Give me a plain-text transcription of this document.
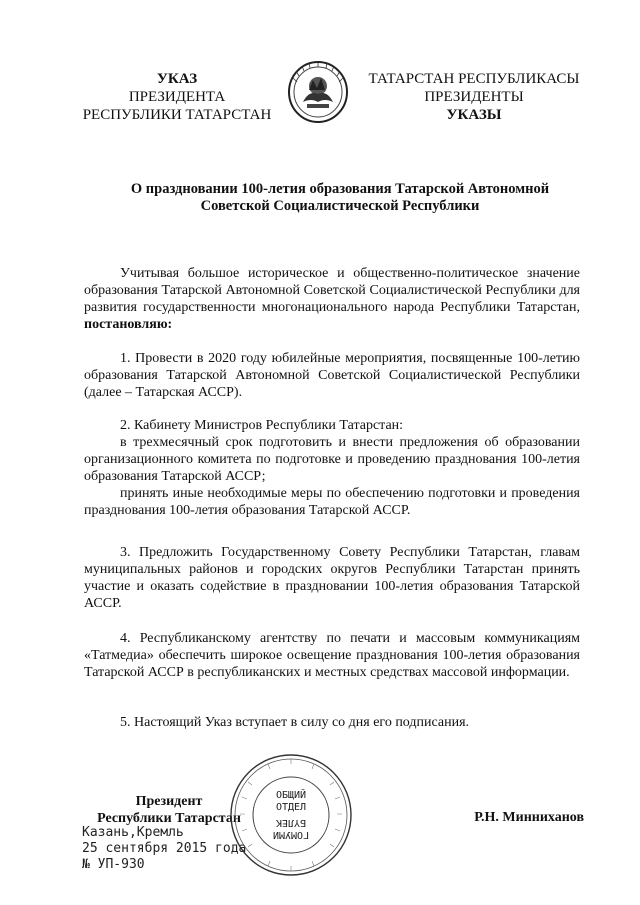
УКАЗ
ПРЕЗИДЕНТА
РЕСПУБЛИКИ ТАТАРСТАН
ТАТАРСТАН РЕСПУБЛИКАСЫ
ПРЕЗИДЕНТЫ
УКАЗЫ
О праздновании 100-летия образования Татарской Автономной
Советской Социалистической Республики

Учитывая большое историческое и общественно-политическое значение образования Татарской Автономной Советской Социалистической Республики для развития государственности многонационального народа Республики Татарстан, постановляю:

1. Провести в 2020 году юбилейные мероприятия, посвященные 100-летию образования Татарской Автономной Советской Социалистической Республики (далее – Татарская АССР).

2. Кабинету Министров Республики Татарстан:

в трехмесячный срок подготовить и внести предложения об образовании организационного комитета по подготовке и проведению празднования 100-летия образования Татарской АССР;

принять иные необходимые меры по обеспечению подготовки и проведения празднования 100-летия образования Татарской АССР.

3. Предложить Государственному Совету Республики Татарстан, главам муниципальных районов и городских округов Республики Татарстан принять участие и оказать содействие в праздновании 100-летия образования Татарской АССР.

4. Республиканскому агентству по печати и массовым коммуникациям «Татмедиа» обеспечить широкое освещение празднования 100-летия образования Татарской АССР в республиканских и местных средствах массовой информации.

5. Настоящий Указ вступает в силу со дня его подписания.

Президент
Республики Татарстан
Казань,Кремль
25 сентября 2015 года
№ УП-930
ОБЩИЙ
ОТДЕЛ
ГОМУМИ
БҮЛЕК	Р.Н. Минниханов
